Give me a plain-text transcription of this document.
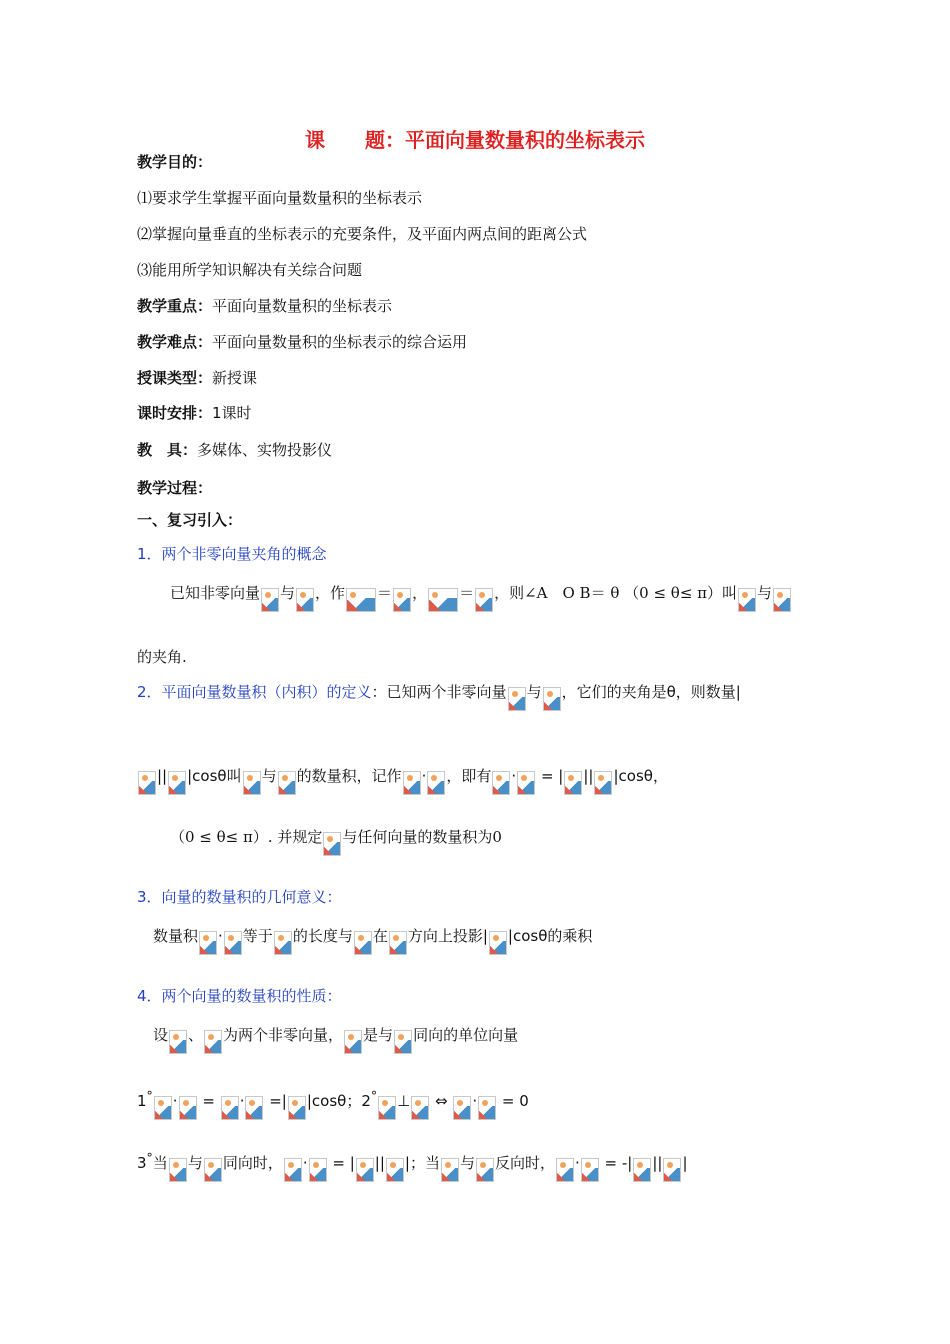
课　　题：平面向量数量积的坐标表示
教学目的：
⑴要求学生掌握平面向量数量积的坐标表示
⑵掌握向量垂直的坐标表示的充要条件，及平面内两点间的距离公式
⑶能用所学知识解决有关综合问题
教学重点：平面向量数量积的坐标表示
教学难点：平面向量数量积的坐标表示的综合运用
授课类型：新授课
课时安排：1课时
教　具：多媒体、实物投影仪
教学过程：
一、复习引入：
1．两个非零向量夹角的概念
已知非零向量 与 ，作 ＝ ， ＝ ，则∠A　O B＝ θ （0 ≤ θ≤ π）叫 与
的夹角.
2．平面向量数量积（内积）的定义：已知两个非零向量 与 ，它们的夹角是θ，则数量|
|| |cosθ叫 与 的数量积，记作 · ，即有 ·
= | || |cosθ，
（0 ≤ θ≤ π）. 并规定 与任何向量的数量积为0
3．向量的数量积的几何意义：
数量积 · 等于 的长度与 在 方向上投影| |cosθ的乘积
4．两个向量的数量积的性质：
设 、 为两个非零向量， 是与 同向的单位向量
1° ·
=
·
=| |cosθ；2° ⊥
⇔
·
= 0
3°当 与 同向时， ·
= | || |；当 与 反向时， ·
= -| || |
